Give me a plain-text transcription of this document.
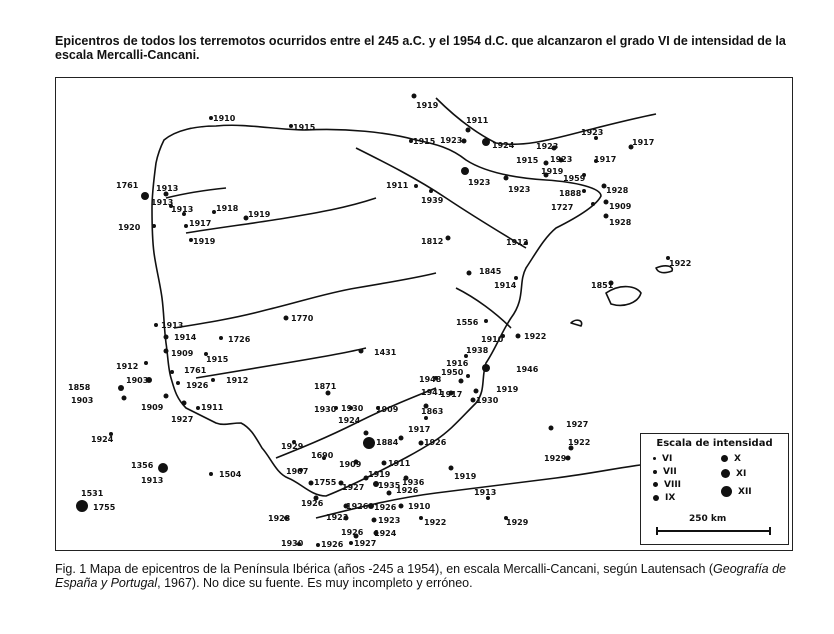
Epicentros de todos los terremotos ocurridos entre el 245 a.C. y el 1954 d.C. que alcanzaron el grado VI de intensidad de la escala Mercalli-Cancani.
1919
1910
1915
1915
1911
1923
1924
1923
1923
1915 1923
1923
1917
1917
1919
1923
1761 1913
1913
1913	1918
1919
1917
1920
1919
1911
1939
1959
1888	1928
1909
1727
1928
1812	1912
1922
1845
1914	1851
1770
1913
1914	1726
1909
1915
1431
1556
1910	1922
1761
1926
1912
1912
1903
1858
1903
1909
1927
1911
1924
1871
1938
1946
1948
1950
1916
1919
1917
1930
1941
1930 1930 1909	1863
1924
1884
1917
1926
1929
1690
1909	1911
1907
1755
1927
1919
1935
1926
1936
1919
1926	1926 1926 1910
1922
1923	1923	1923
1926 1924
1930 1926 1927
1356
1913
1504
1531
1755
1927
1922
1929
1913
1929
Escala de intensidad
VI
VII
VIII
IX
X
XI
XII
250 km
Fig. 1 Mapa de epicentros de la Península Ibérica (años -245 a 1954), en escala Mercalli-Cancani, según Lautensach (Geografía de España y Portugal, 1967). No dice su fuente. Es muy incompleto y erróneo.
